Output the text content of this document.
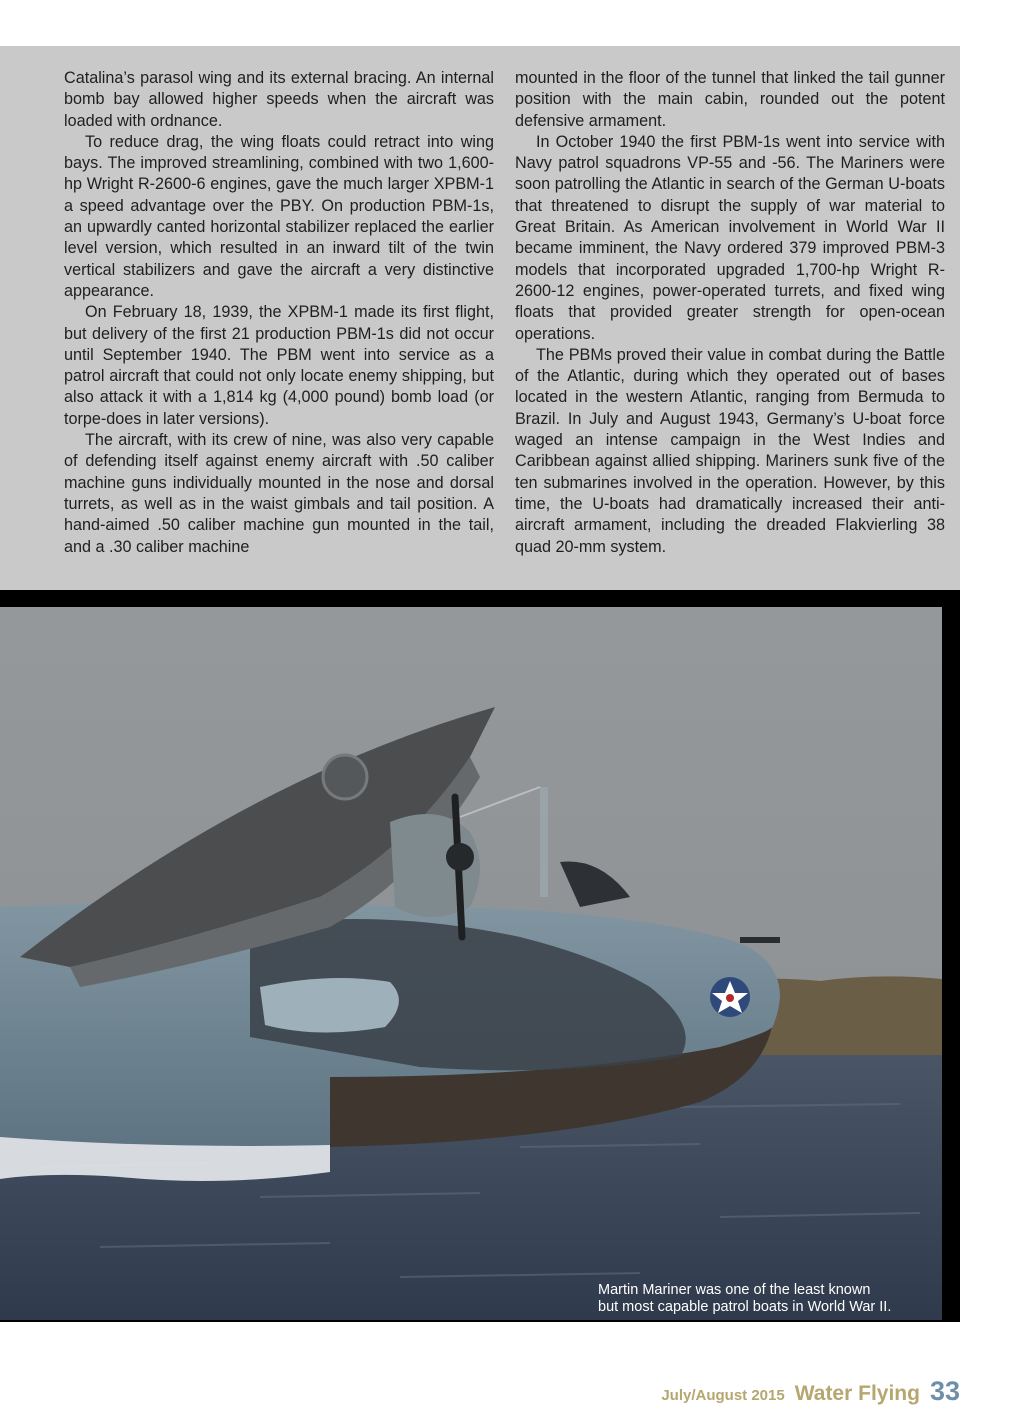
Catalina’s parasol wing and its external bracing. An internal bomb bay allowed higher speeds when the aircraft was loaded with ordnance.

To reduce drag, the wing floats could retract into wing bays. The improved streamlining, combined with two 1,600-hp Wright R-2600-6 engines, gave the much larger XPBM-1 a speed advantage over the PBY. On production PBM-1s, an upwardly canted horizontal stabilizer replaced the earlier level version, which resulted in an inward tilt of the twin vertical stabilizers and gave the aircraft a very distinctive appearance.

On February 18, 1939, the XPBM-1 made its first flight, but delivery of the first 21 production PBM-1s did not occur until September 1940. The PBM went into service as a patrol aircraft that could not only locate enemy shipping, but also attack it with a 1,814 kg (4,000 pound) bomb load (or torpe-does in later versions).

The aircraft, with its crew of nine, was also very capable of defending itself against enemy aircraft with .50 caliber machine guns individually mounted in the nose and dorsal turrets, as well as in the waist gimbals and tail position. A hand-aimed .50 caliber machine gun mounted in the tail, and a .30 caliber machine

mounted in the floor of the tunnel that linked the tail gunner position with the main cabin, rounded out the potent defensive armament.

In October 1940 the first PBM-1s went into service with Navy patrol squadrons VP-55 and -56. The Mariners were soon patrolling the Atlantic in search of the German U-boats that threatened to disrupt the supply of war material to Great Britain. As American involvement in World War II became imminent, the Navy ordered 379 improved PBM-3 models that incorporated upgraded 1,700-hp Wright R-2600-12 engines, power-operated turrets, and fixed wing floats that provided greater strength for open-ocean operations.

The PBMs proved their value in combat during the Battle of the Atlantic, during which they operated out of bases located in the western Atlantic, ranging from Bermuda to Brazil. In July and August 1943, Germany’s U-boat force waged an intense campaign in the West Indies and Caribbean against allied shipping. Mariners sunk five of the ten submarines involved in the operation. However, by this time, the U-boats had dramatically increased their anti-aircraft armament, including the dreaded Flakvierling 38 quad 20-mm system.

Martin Mariner was one of the least known
but most capable patrol boats in World War II.

July/August 2015 Water Flying 33
